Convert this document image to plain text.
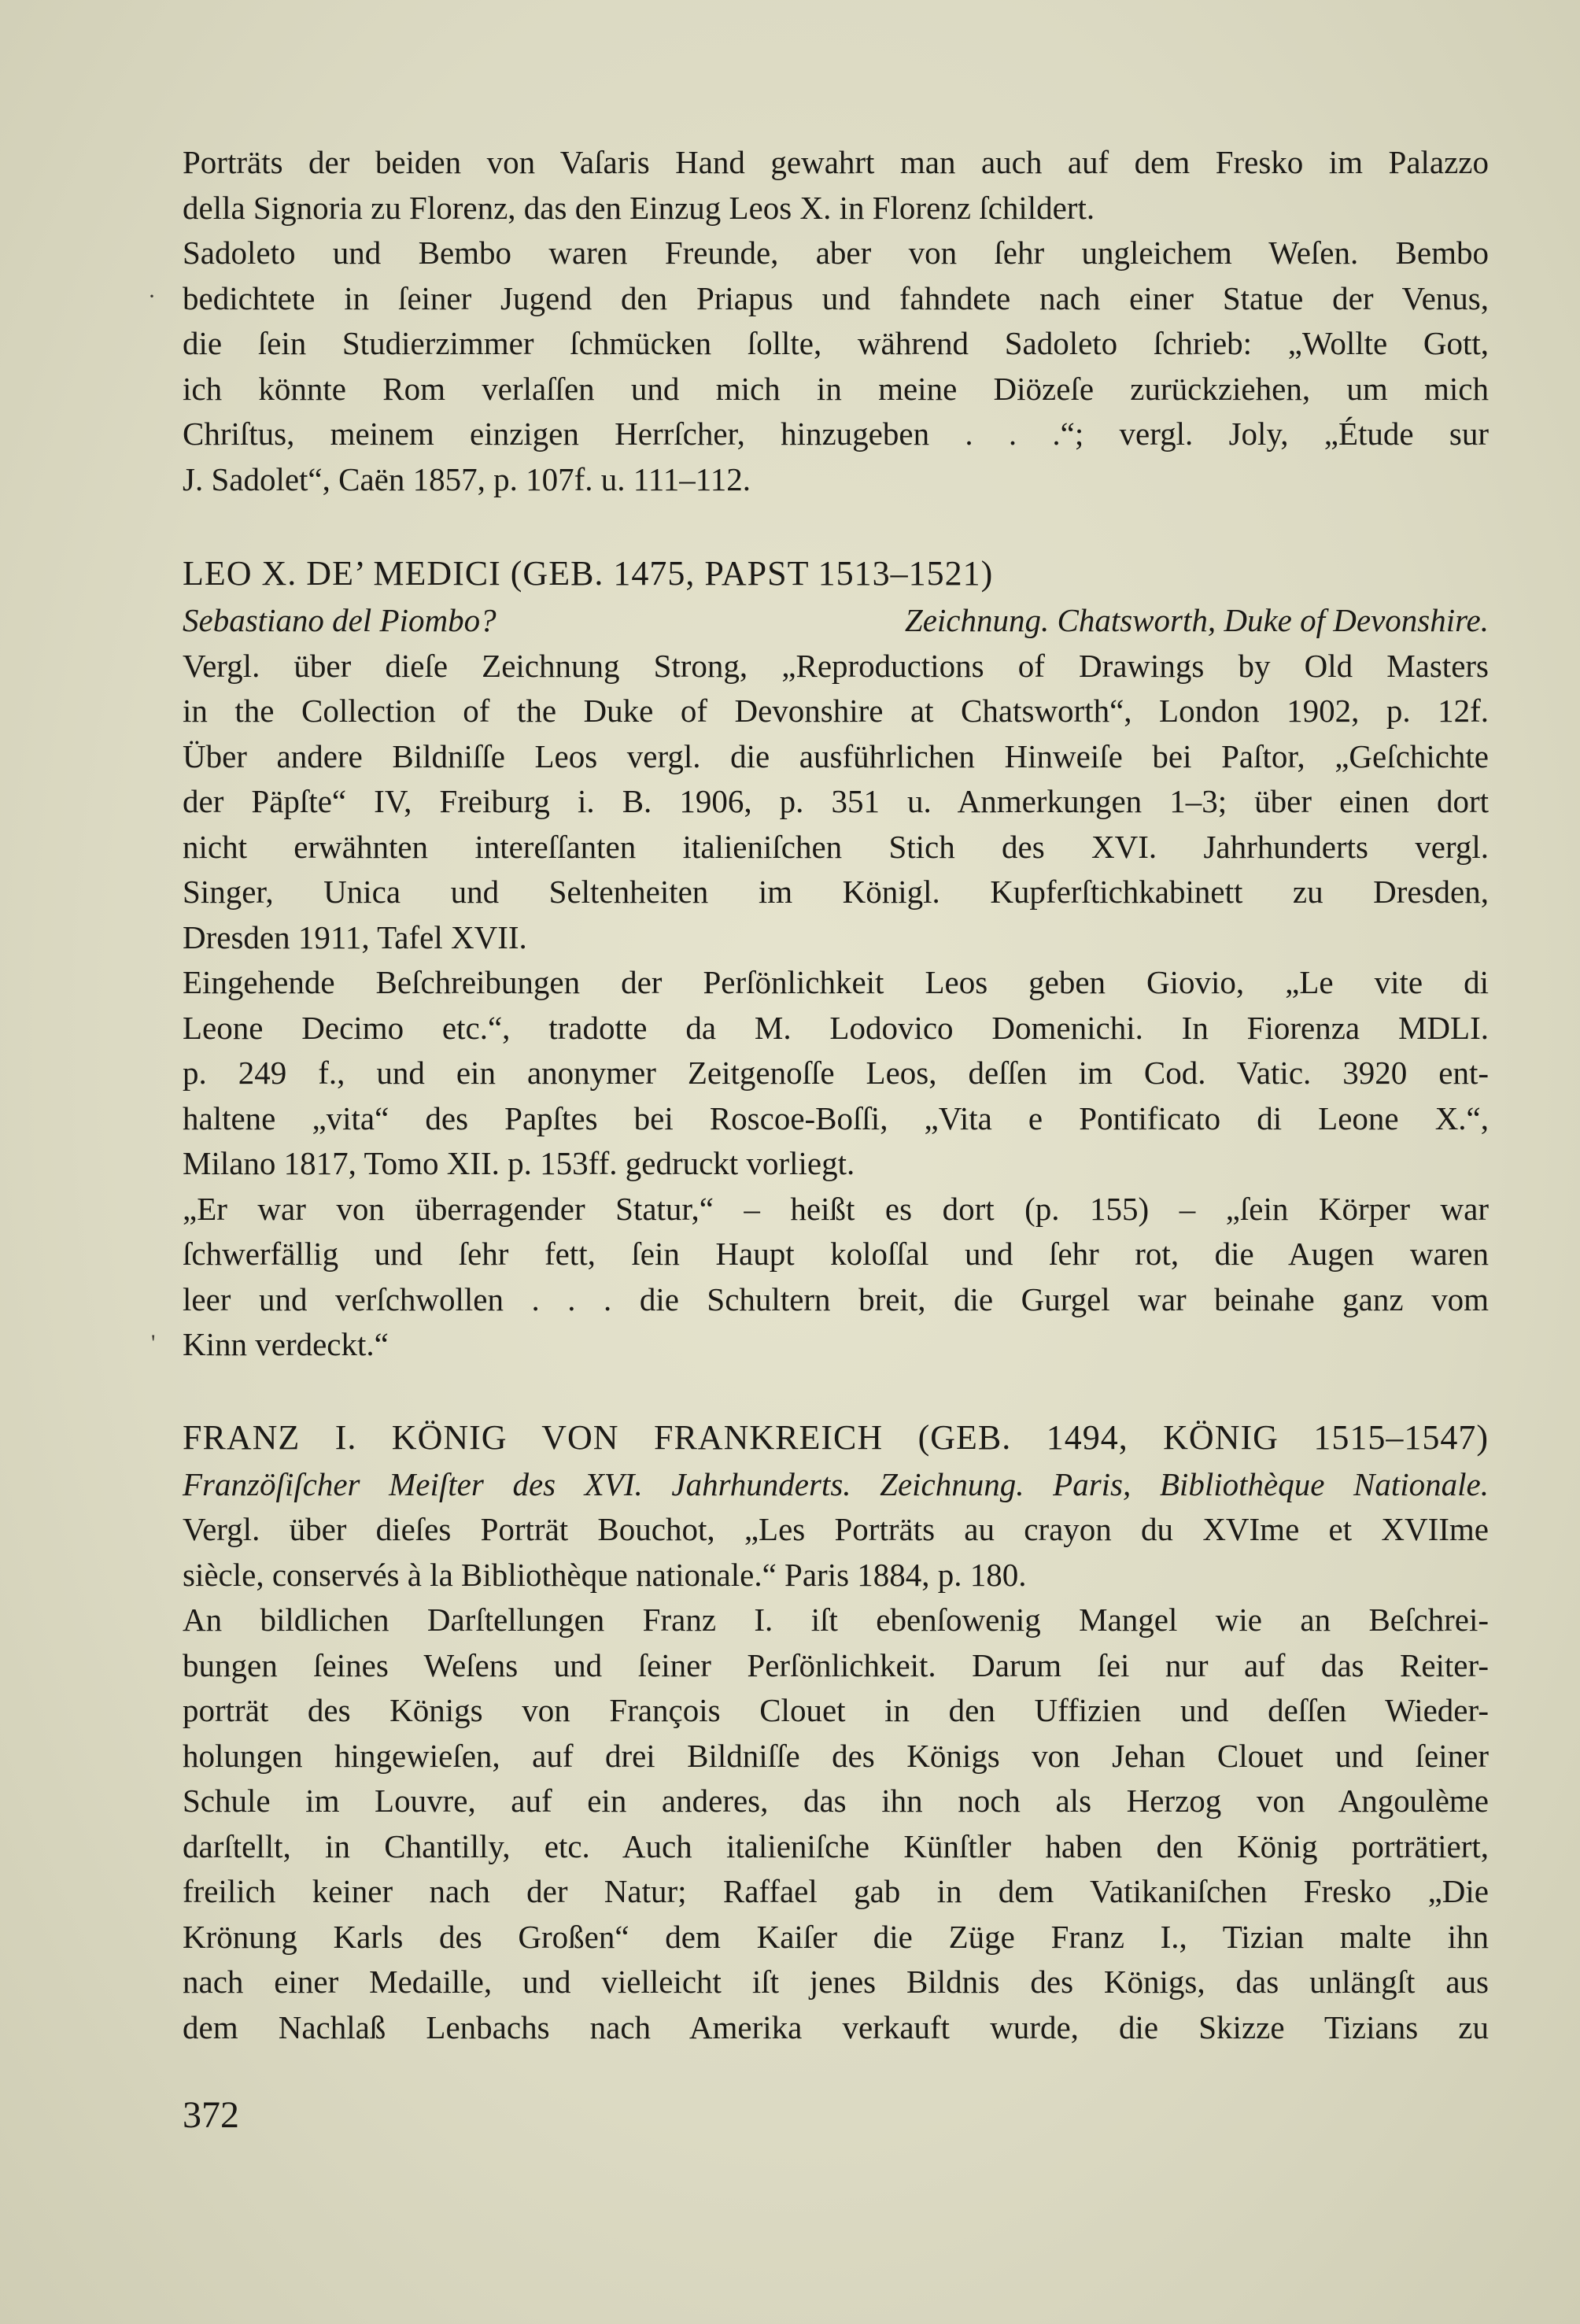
Porträts der beiden von Vaſaris Hand gewahrt man auch auf dem Fresko im Palazzo
della Signoria zu Florenz, das den Einzug Leos X. in Florenz ſchildert.
Sadoleto und Bembo waren Freunde, aber von ſehr ungleichem Weſen. Bembo
bedichtete in ſeiner Jugend den Priapus und fahndete nach einer Statue der Venus,
die ſein Studierzimmer ſchmücken ſollte, während Sadoleto ſchrieb: „Wollte Gott,
ich könnte Rom verlaſſen und mich in meine Diözeſe zurückziehen, um mich
Chriſtus, meinem einzigen Herrſcher, hinzugeben . . .“; vergl. Joly, „Étude sur
J. Sadolet“, Caën 1857, p. 107f. u. 111–112.
LEO X. DE’ MEDICI (GEB. 1475, PAPST 1513–1521)
Sebastiano del Piombo?	Zeichnung. Chatsworth, Duke of Devonshire.
Vergl. über dieſe Zeichnung Strong, „Reproductions of Drawings by Old Masters
in the Collection of the Duke of Devonshire at Chatsworth“, London 1902, p. 12f.
Über andere Bildniſſe Leos vergl. die ausführlichen Hinweiſe bei Paſtor, „Geſchichte
der Päpſte“ IV, Freiburg i. B. 1906, p. 351 u. Anmerkungen 1–3; über einen dort
nicht erwähnten intereſſanten italieniſchen Stich des XVI. Jahrhunderts vergl.
Singer, Unica und Seltenheiten im Königl. Kupferſtichkabinett zu Dresden,
Dresden 1911, Tafel XVII.
Eingehende Beſchreibungen der Perſönlichkeit Leos geben Giovio, „Le vite di
Leone Decimo etc.“, tradotte da M. Lodovico Domenichi. In Fiorenza MDLI.
p. 249 f., und ein anonymer Zeitgenoſſe Leos, deſſen im Cod. Vatic. 3920 ent-
haltene „vita“ des Papſtes bei Roscoe-Boſſi, „Vita e Pontificato di Leone X.“,
Milano 1817, Tomo XII. p. 153ff. gedruckt vorliegt.
„Er war von überragender Statur,“ – heißt es dort (p. 155) – „ſein Körper war
ſchwerfällig und ſehr fett, ſein Haupt koloſſal und ſehr rot, die Augen waren
leer und verſchwollen . . . die Schultern breit, die Gurgel war beinahe ganz vom
Kinn verdeckt.“
FRANZ I. KÖNIG VON FRANKREICH (GEB. 1494, KÖNIG 1515–1547)
Franzöſiſcher Meiſter des XVI. Jahrhunderts. Zeichnung. Paris, Bibliothèque Nationale.
Vergl. über dieſes Porträt Bouchot, „Les Porträts au crayon du XVIme et XVIIme
siècle, conservés à la Bibliothèque nationale.“ Paris 1884, p. 180.
An bildlichen Darſtellungen Franz I. iſt ebenſowenig Mangel wie an Beſchrei-
bungen ſeines Weſens und ſeiner Perſönlichkeit. Darum ſei nur auf das Reiter-
porträt des Königs von François Clouet in den Uffizien und deſſen Wieder-
holungen hingewieſen, auf drei Bildniſſe des Königs von Jehan Clouet und ſeiner
Schule im Louvre, auf ein anderes, das ihn noch als Herzog von Angoulème
darſtellt, in Chantilly, etc. Auch italieniſche Künſtler haben den König porträtiert,
freilich keiner nach der Natur; Raffael gab in dem Vatikaniſchen Fresko „Die
Krönung Karls des Großen“ dem Kaiſer die Züge Franz I., Tizian malte ihn
nach einer Medaille, und vielleicht iſt jenes Bildnis des Königs, das unlängſt aus
dem Nachlaß Lenbachs nach Amerika verkauft wurde, die Skizze Tizians zu
372
·
'
